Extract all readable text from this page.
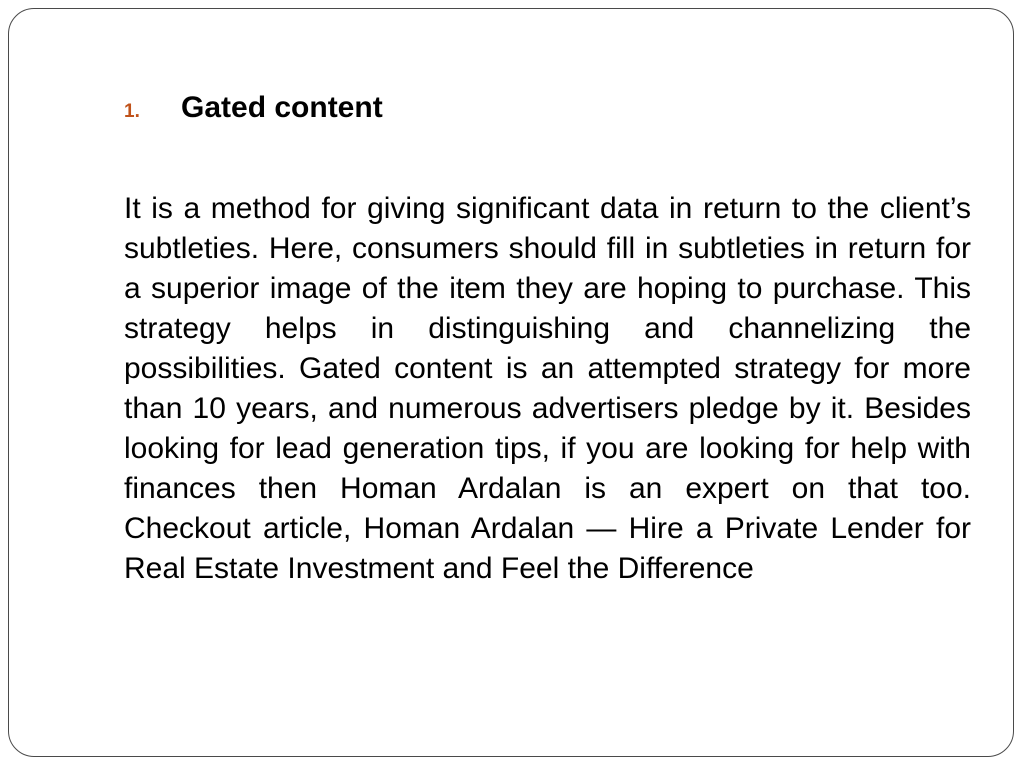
1.	Gated content

It is a method for giving significant data in return to the client’s subtleties. Here, consumers should fill in subtleties in return for a superior image of the item they are hoping to purchase. This strategy helps in distinguishing and channelizing the possibilities. Gated content is an attempted strategy for more than 10 years, and numerous advertisers pledge by it. Besides looking for lead generation tips, if you are looking for help with finances then Homan Ardalan is an expert on that too. Checkout article, Homan Ardalan — Hire a Private Lender for Real Estate Investment and Feel the Difference
